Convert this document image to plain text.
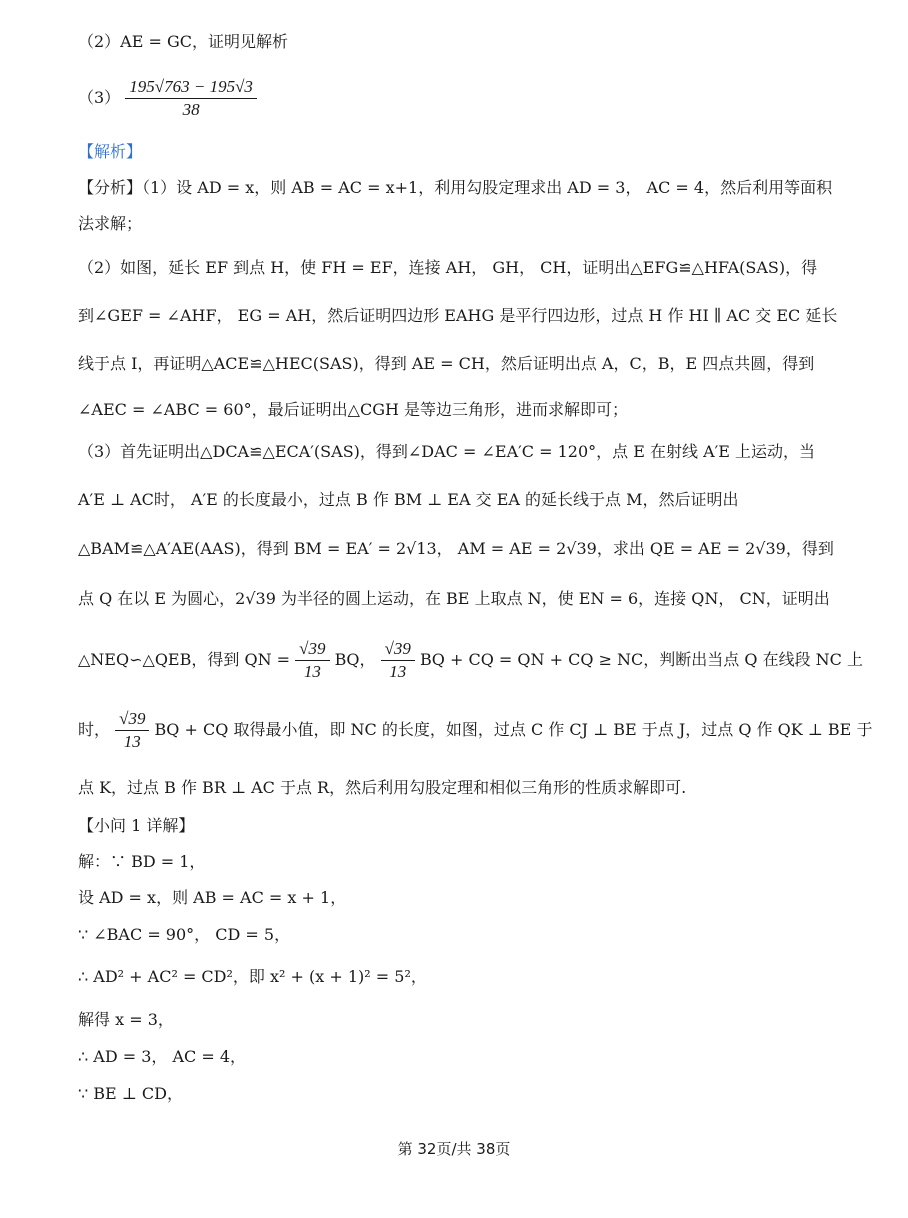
（2）AE = GC，证明见解析
$(3) \frac{195√763 - 195√3}{38}$
【解析】
【分析】（1）设 AD = x，则 AB = AC = x+1，利用勾股定理求出 AD = 3， AC = 4，然后利用等面积
法求解；
（2）如图，延长 EF 到点 H，使 FH = EF，连接 AH， GH， CH，证明出△EFG≌△HFA(SAS)，得
到∠GEF = ∠AHF， EG = AH，然后证明四边形 EAHG 是平行四边形，过点 H 作 HI ∥ AC 交 EC 延长
线于点 I，再证明△ACE≌△HEC(SAS)，得到 AE = CH，然后证明出点 A，C，B，E 四点共圆，得到
∠AEC = ∠ABC = 60°，最后证明出△CGH 是等边三角形，进而求解即可；
（3）首先证明出△DCA≌△ECA′(SAS)，得到∠DAC = ∠EA′C = 120°，点 E 在射线 A′E 上运动，当
A′E ⊥ AC时， A′E 的长度最小，过点 B 作 BM ⊥ EA 交 EA 的延长线于点 M，然后证明出
△BAM≌△A′AE(AAS)，得到 BM = EA′ = 2√13， AM = AE = 2√39，求出 QE = AE = 2√39，得到
点 Q 在以 E 为圆心，2√39 为半径的圆上运动，在 BE 上取点 N，使 EN = 6，连接 QN， CN，证明出
△NEQ∽△QEB，得到 QN = $\frac{√39}{13}$ BQ， $\frac{√39}{13}$ BQ + CQ = QN + CQ ≥ NC，判断出当点 Q 在线段 NC 上
时， $\frac{√39}{13}$ BQ + CQ 取得最小值，即 NC 的长度，如图，过点 C 作 CJ ⊥ BE 于点 J，过点 Q 作 QK ⊥ BE 于
点 K，过点 B 作 BR ⊥ AC 于点 R，然后利用勾股定理和相似三角形的性质求解即可.
【小问 1 详解】
解：∵ BD = 1，
设 AD = x，则 AB = AC = x + 1，
∵ ∠BAC = 90°， CD = 5，
∴ AD² + AC² = CD²，即 x² + (x + 1)² = 5²，
解得 x = 3，
∴ AD = 3， AC = 4，
∵ BE ⊥ CD，
第 32页/共 38页
